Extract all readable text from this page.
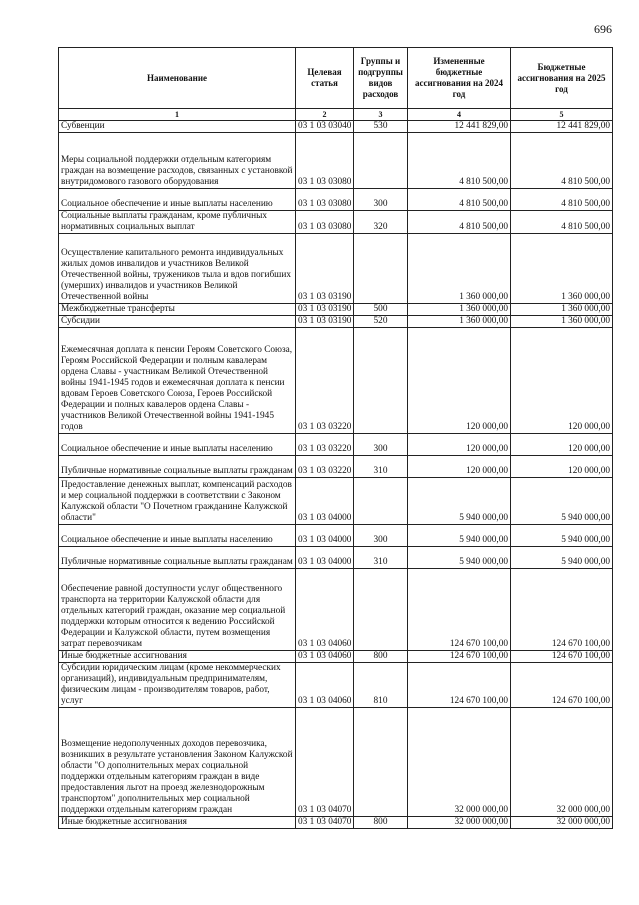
696
Наименование	Целевая статья	Группы и подгруппы видов расходов	Измененные бюджетные ассигнования на 2024 год	Бюджетные ассигнования на 2025 год
1	2	3	4	5
Субвенции	03 1 03 03040	530	12 441 829,00	12 441 829,00
Меры социальной поддержки отдельным категориям граждан на возмещение расходов, связанных с установкой внутридомового газового оборудования	03 1 03 03080		4 810 500,00	4 810 500,00
Социальное обеспечение и иные выплаты населению	03 1 03 03080	300	4 810 500,00	4 810 500,00
Социальные выплаты гражданам, кроме публичных нормативных социальных выплат	03 1 03 03080	320	4 810 500,00	4 810 500,00
Осуществление капитального ремонта индивидуальных жилых домов инвалидов и участников Великой Отечественной войны, тружеников тыла и вдов погибших (умерших) инвалидов и участников Великой Отечественной войны	03 1 03 03190		1 360 000,00	1 360 000,00
Межбюджетные трансферты	03 1 03 03190	500	1 360 000,00	1 360 000,00
Субсидии	03 1 03 03190	520	1 360 000,00	1 360 000,00
Ежемесячная доплата к пенсии Героям Советского Союза, Героям Российской Федерации и полным кавалерам ордена Славы - участникам Великой Отечественной войны 1941-1945 годов и ежемесячная доплата к пенсии вдовам Героев Советского Союза, Героев Российской Федерации и полных кавалеров ордена Славы - участников Великой Отечественной войны 1941-1945 годов	03 1 03 03220		120 000,00	120 000,00
Социальное обеспечение и иные выплаты населению	03 1 03 03220	300	120 000,00	120 000,00
Публичные нормативные социальные выплаты гражданам	03 1 03 03220	310	120 000,00	120 000,00
Предоставление денежных выплат, компенсаций расходов и мер социальной поддержки в соответствии с Законом Калужской области "О Почетном гражданине Калужской области"	03 1 03 04000		5 940 000,00	5 940 000,00
Социальное обеспечение и иные выплаты населению	03 1 03 04000	300	5 940 000,00	5 940 000,00
Публичные нормативные социальные выплаты гражданам	03 1 03 04000	310	5 940 000,00	5 940 000,00
Обеспечение равной доступности услуг общественного транспорта на территории Калужской области для отдельных категорий граждан, оказание мер социальной поддержки которым относится к ведению Российской Федерации и Калужской области, путем возмещения затрат перевозчикам	03 1 03 04060		124 670 100,00	124 670 100,00
Иные бюджетные ассигнования	03 1 03 04060	800	124 670 100,00	124 670 100,00
Субсидии юридическим лицам (кроме некоммерческих организаций), индивидуальным предпринимателям, физическим лицам - производителям товаров, работ, услуг	03 1 03 04060	810	124 670 100,00	124 670 100,00
Возмещение недополученных доходов перевозчика, возникших в результате установления Законом Калужской области "О дополнительных мерах социальной поддержки отдельным категориям граждан в виде предоставления льгот на проезд железнодорожным транспортом" дополнительных мер социальной поддержки отдельным категориям граждан	03 1 03 04070		32 000 000,00	32 000 000,00
Иные бюджетные ассигнования	03 1 03 04070	800	32 000 000,00	32 000 000,00
